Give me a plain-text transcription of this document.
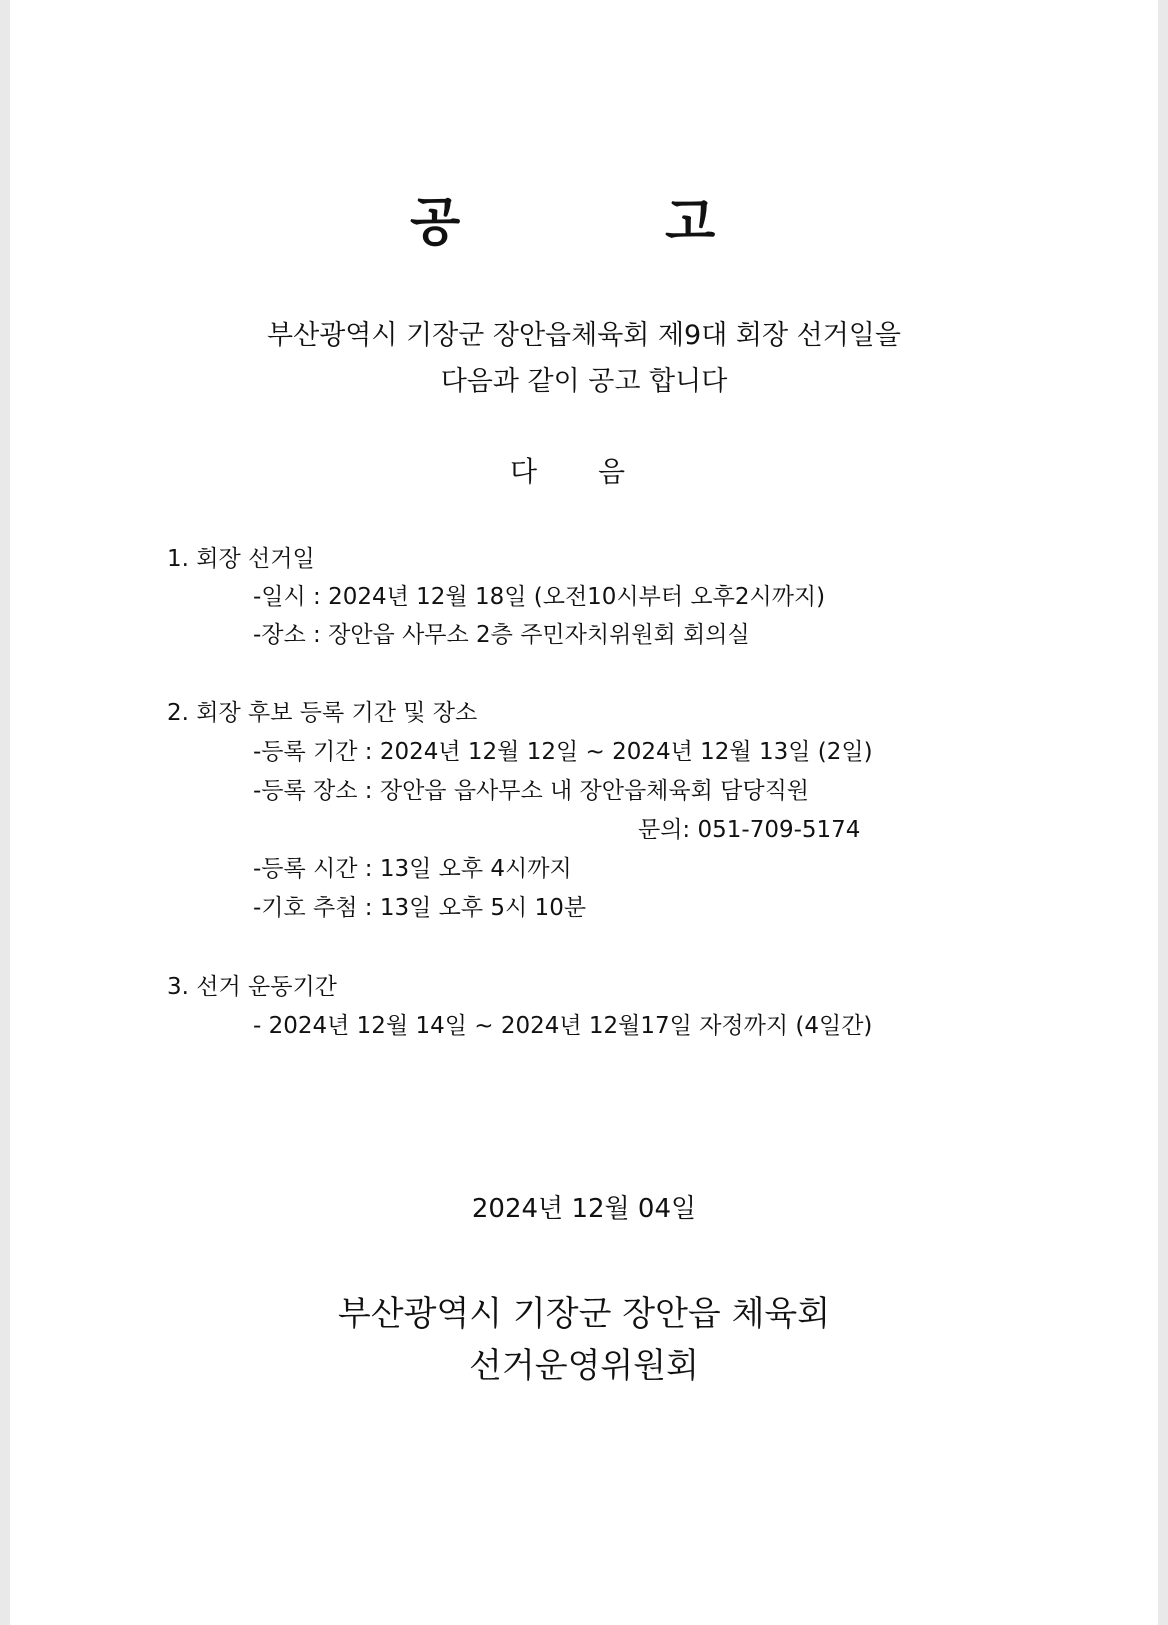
공	고
부산광역시 기장군 장안읍체육회 제9대 회장 선거일을
다음과 같이 공고 합니다
다 음
1. 회장 선거일
-일시 : 2024년 12월 18일 (오전10시부터 오후2시까지)
-장소 : 장안읍 사무소 2층 주민자치위원회 회의실
2. 회장 후보 등록 기간 및 장소
-등록 기간 : 2024년 12월 12일 ~ 2024년 12월 13일 (2일)
-등록 장소 : 장안읍 읍사무소 내 장안읍체육회 담당직원
문의: 051-709-5174
-등록 시간 : 13일 오후 4시까지
-기호 추첨 : 13일 오후 5시 10분
3. 선거 운동기간
- 2024년 12월 14일 ~ 2024년 12월17일 자정까지 (4일간)
2024년 12월 04일
부산광역시 기장군 장안읍 체육회
선거운영위원회
